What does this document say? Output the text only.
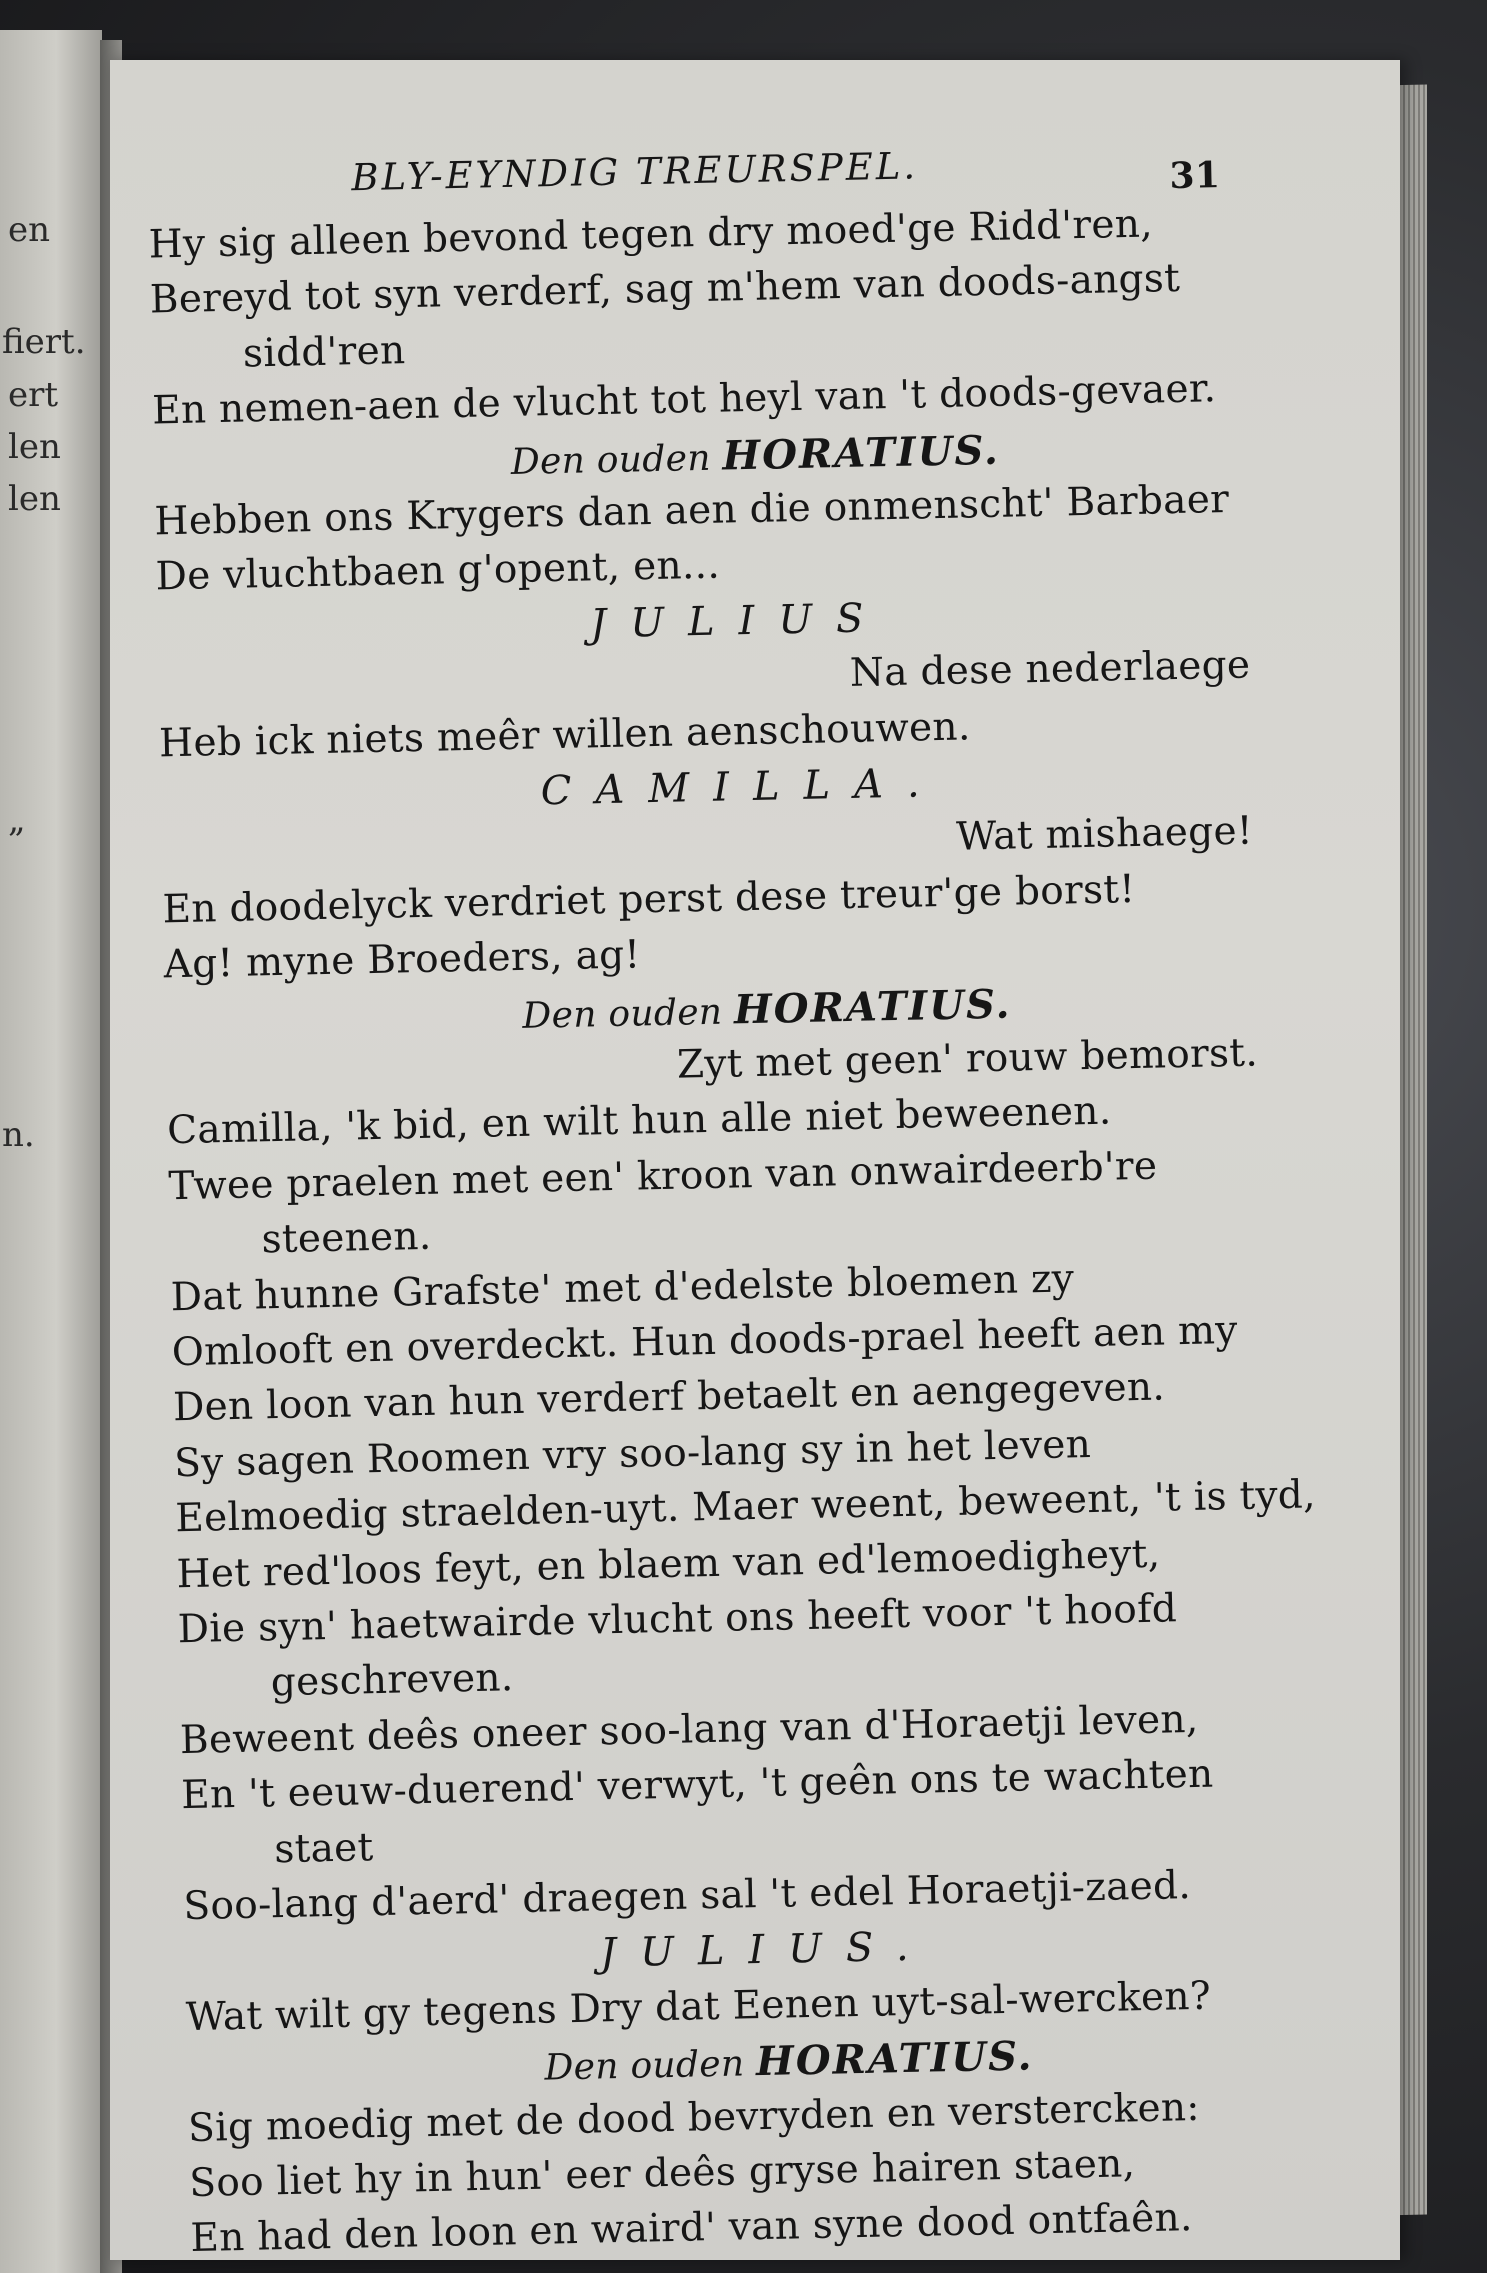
en
fiert.
ert
len
len
„
n.
BLY-EYNDIG TREURSPEL.	31
Hy sig alleen bevond tegen dry moed'ge Ridd'ren,
Bereyd tot syn verderf, sag m'hem van doods-angst
sidd'ren
En nemen-aen de vlucht tot heyl van 't doods-gevaer.
Den ouden HORATIUS.
Hebben ons Krygers dan aen die onmenscht' Barbaer
De vluchtbaen g'opent, en...
JULIUS
Na dese nederlaege
Heb ick niets meêr willen aenschouwen.
CAMILLA.
Wat mishaege!
En doodelyck verdriet perst dese treur'ge borst!
Ag! myne Broeders, ag!
Den ouden HORATIUS.
Zyt met geen' rouw bemorst.
Camilla, 'k bid, en wilt hun alle niet beweenen.
Twee praelen met een' kroon van onwairdeerb're
steenen.
Dat hunne Grafste' met d'edelste bloemen zy
Omlooft en overdeckt. Hun doods-prael heeft aen my
Den loon van hun verderf betaelt en aengegeven.
Sy sagen Roomen vry soo-lang sy in het leven
Eelmoedig straelden-uyt. Maer weent, beweent, 't is tyd,
Het red'loos feyt, en blaem van ed'lemoedigheyt,
Die syn' haetwairde vlucht ons heeft voor 't hoofd
geschreven.
Beweent deês oneer soo-lang van d'Horaetji leven,
En 't eeuw-duerend' verwyt, 't geên ons te wachten
staet
Soo-lang d'aerd' draegen sal 't edel Horaetji-zaed.
JULIUS.
Wat wilt gy tegens Dry dat Eenen uyt-sal-wercken?
Den ouden HORATIUS.
Sig moedig met de dood bevryden en verstercken:
Soo liet hy in hun' eer deês gryse hairen staen,
En had den loon en waird' van syne dood ontfaên.
